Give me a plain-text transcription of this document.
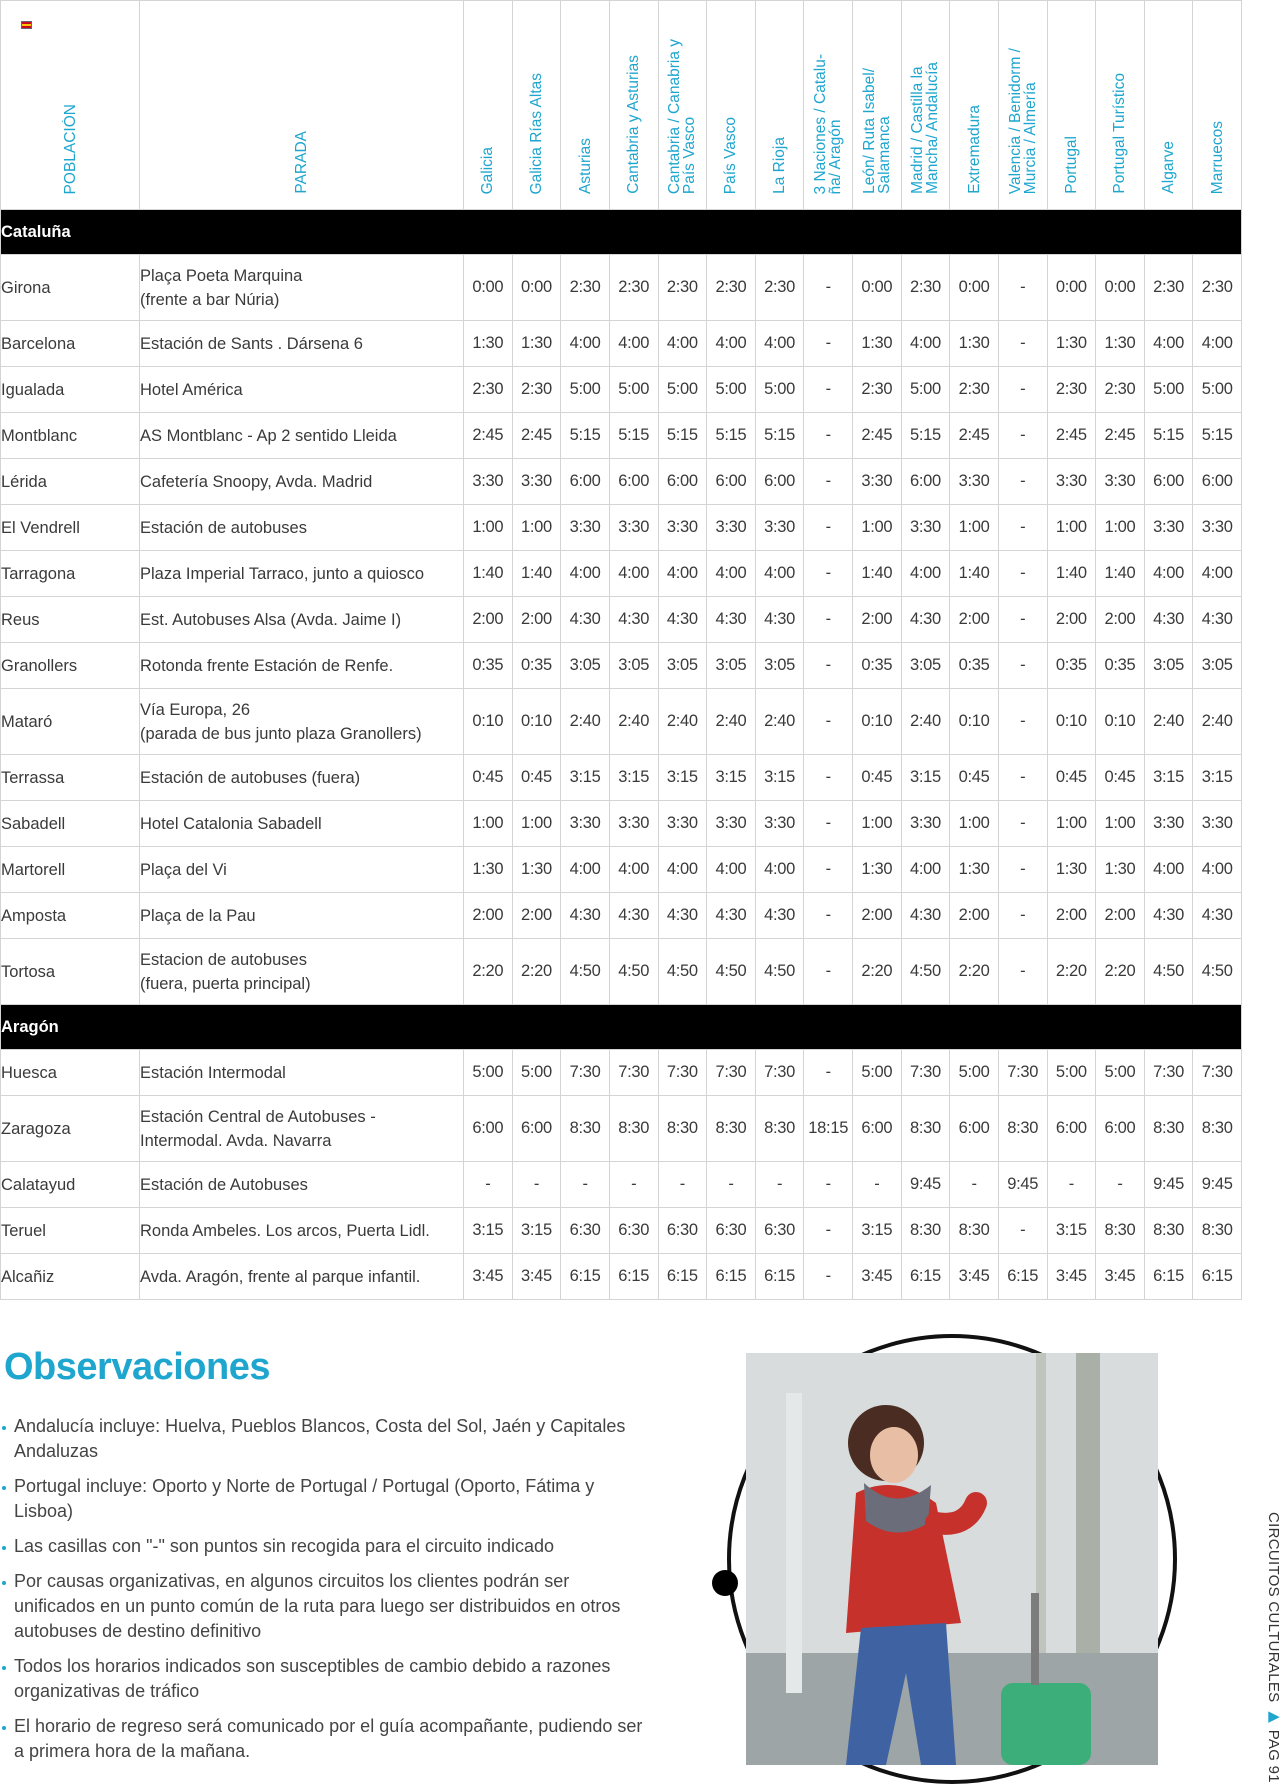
POBLACIÓN	PARADA	Galicia	Galicia Rías Altas	Asturias	Cantabria y Asturias	Cantabria / Canabria y
País Vasco	País Vasco	La Rioja	3 Naciones / Catalu-
ña/ Aragón	León/ Ruta Isabel/
Salamanca	Madrid / Castilla la
Mancha/ Andalucía	Extremadura	Valencia / Benidorm /
Murcia / Almería	Portugal	Portugal Turístico	Algarve	Marruecos
Cataluña																	
Girona	Plaça Poeta Marquina
(frente a bar Núria)	0:00	0:00	2:30	2:30	2:30	2:30	2:30	-	0:00	2:30	0:00	-	0:00	0:00	2:30	2:30
Barcelona	Estación de Sants . Dársena 6	1:30	1:30	4:00	4:00	4:00	4:00	4:00	-	1:30	4:00	1:30	-	1:30	1:30	4:00	4:00
Igualada	Hotel América	2:30	2:30	5:00	5:00	5:00	5:00	5:00	-	2:30	5:00	2:30	-	2:30	2:30	5:00	5:00
Montblanc	AS Montblanc - Ap 2 sentido Lleida	2:45	2:45	5:15	5:15	5:15	5:15	5:15	-	2:45	5:15	2:45	-	2:45	2:45	5:15	5:15
Lérida	Cafetería Snoopy, Avda. Madrid	3:30	3:30	6:00	6:00	6:00	6:00	6:00	-	3:30	6:00	3:30	-	3:30	3:30	6:00	6:00
El Vendrell	Estación de autobuses	1:00	1:00	3:30	3:30	3:30	3:30	3:30	-	1:00	3:30	1:00	-	1:00	1:00	3:30	3:30
Tarragona	Plaza Imperial Tarraco, junto a quiosco	1:40	1:40	4:00	4:00	4:00	4:00	4:00	-	1:40	4:00	1:40	-	1:40	1:40	4:00	4:00
Reus	Est. Autobuses Alsa (Avda. Jaime I)	2:00	2:00	4:30	4:30	4:30	4:30	4:30	-	2:00	4:30	2:00	-	2:00	2:00	4:30	4:30
Granollers	Rotonda frente Estación de Renfe.	0:35	0:35	3:05	3:05	3:05	3:05	3:05	-	0:35	3:05	0:35	-	0:35	0:35	3:05	3:05
Mataró	Vía Europa, 26
(parada de bus junto plaza Granollers)	0:10	0:10	2:40	2:40	2:40	2:40	2:40	-	0:10	2:40	0:10	-	0:10	0:10	2:40	2:40
Terrassa	Estación de autobuses (fuera)	0:45	0:45	3:15	3:15	3:15	3:15	3:15	-	0:45	3:15	0:45	-	0:45	0:45	3:15	3:15
Sabadell	Hotel Catalonia Sabadell	1:00	1:00	3:30	3:30	3:30	3:30	3:30	-	1:00	3:30	1:00	-	1:00	1:00	3:30	3:30
Martorell	Plaça del Vi	1:30	1:30	4:00	4:00	4:00	4:00	4:00	-	1:30	4:00	1:30	-	1:30	1:30	4:00	4:00
Amposta	Plaça de la Pau	2:00	2:00	4:30	4:30	4:30	4:30	4:30	-	2:00	4:30	2:00	-	2:00	2:00	4:30	4:30
Tortosa	Estacion de autobuses
(fuera, puerta principal)	2:20	2:20	4:50	4:50	4:50	4:50	4:50	-	2:20	4:50	2:20	-	2:20	2:20	4:50	4:50
Aragón																	
Huesca	Estación Intermodal	5:00	5:00	7:30	7:30	7:30	7:30	7:30	-	5:00	7:30	5:00	7:30	5:00	5:00	7:30	7:30
Zaragoza	Estación Central de Autobuses -
Intermodal. Avda. Navarra	6:00	6:00	8:30	8:30	8:30	8:30	8:30	18:15	6:00	8:30	6:00	8:30	6:00	6:00	8:30	8:30
Calatayud	Estación de Autobuses	-	-	-	-	-	-	-	-	-	9:45	-	9:45	-	-	9:45	9:45
Teruel	Ronda Ambeles. Los arcos, Puerta Lidl.	3:15	3:15	6:30	6:30	6:30	6:30	6:30	-	3:15	8:30	8:30	-	3:15	8:30	8:30	8:30
Alcañiz	Avda. Aragón, frente al parque infantil.	3:45	3:45	6:15	6:15	6:15	6:15	6:15	-	3:45	6:15	3:45	6:15	3:45	3:45	6:15	6:15
Observaciones
Andalucía incluye: Huelva, Pueblos Blancos, Costa del Sol, Jaén y Capitales Andaluzas
Portugal incluye: Oporto y Norte de Portugal / Portugal (Oporto, Fátima y Lisboa)
Las casillas con "-" son puntos sin recogida para el circuito indicado
Por causas organizativas, en algunos circuitos los clientes podrán ser unificados en un punto común de la ruta para luego ser distribuidos en otros autobuses de destino definitivo
Todos los horarios indicados son susceptibles de cambio debido a razones organizativas de tráfico
El horario de regreso será comunicado por el guía acompañante, pudiendo ser a primera hora de la mañana.
CIRCUITOS CULTURALES ▶ PAG 91
